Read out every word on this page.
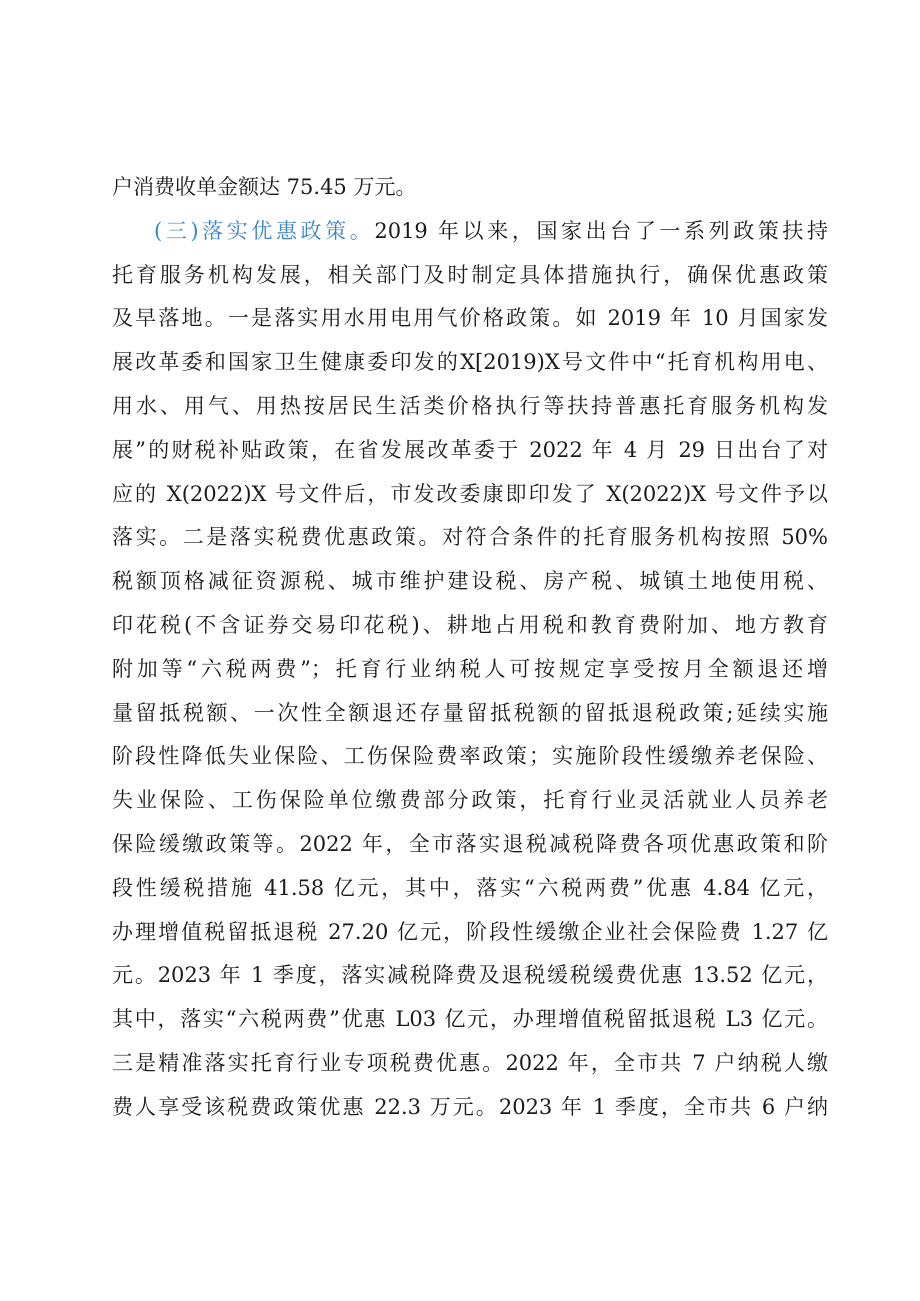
户消费收单金额达 75.45 万元。
(三)落实优惠政策。2019 年以来，国家出台了一系列政策扶持
托育服务机构发展，相关部门及时制定具体措施执行，确保优惠政策
及早落地。一是落实用水用电用气价格政策。如 2019 年 10 月国家发
展改革委和国家卫生健康委印发的X[2019)X号文件中“托育机构用电、
用水、用气、用热按居民生活类价格执行等扶持普惠托育服务机构发
展”的财税补贴政策，在省发展改革委于 2022 年 4 月 29 日出台了对
应的 X(2022)X 号文件后，市发改委康即印发了 X(2022)X 号文件予以
落实。二是落实税费优惠政策。对符合条件的托育服务机构按照 50%
税额顶格减征资源税、城市维护建设税、房产税、城镇土地使用税、
印花税(不含证券交易印花税)、耕地占用税和教育费附加、地方教育
附加等“六税两费”；托育行业纳税人可按规定享受按月全额退还增
量留抵税额、一次性全额退还存量留抵税额的留抵退税政策;延续实施
阶段性降低失业保险、工伤保险费率政策；实施阶段性缓缴养老保险、
失业保险、工伤保险单位缴费部分政策，托育行业灵活就业人员养老
保险缓缴政策等。2022 年，全市落实退税减税降费各项优惠政策和阶
段性缓税措施 41.58 亿元，其中，落实“六税两费”优惠 4.84 亿元，
办理增值税留抵退税 27.20 亿元，阶段性缓缴企业社会保险费 1.27 亿
元。2023 年 1 季度，落实减税降费及退税缓税缓费优惠 13.52 亿元，
其中，落实“六税两费”优惠 L03 亿元，办理增值税留抵退税 L3 亿元。
三是精准落实托育行业专项税费优惠。2022 年，全市共 7 户纳税人缴
费人享受该税费政策优惠 22.3 万元。2023 年 1 季度，全市共 6 户纳
